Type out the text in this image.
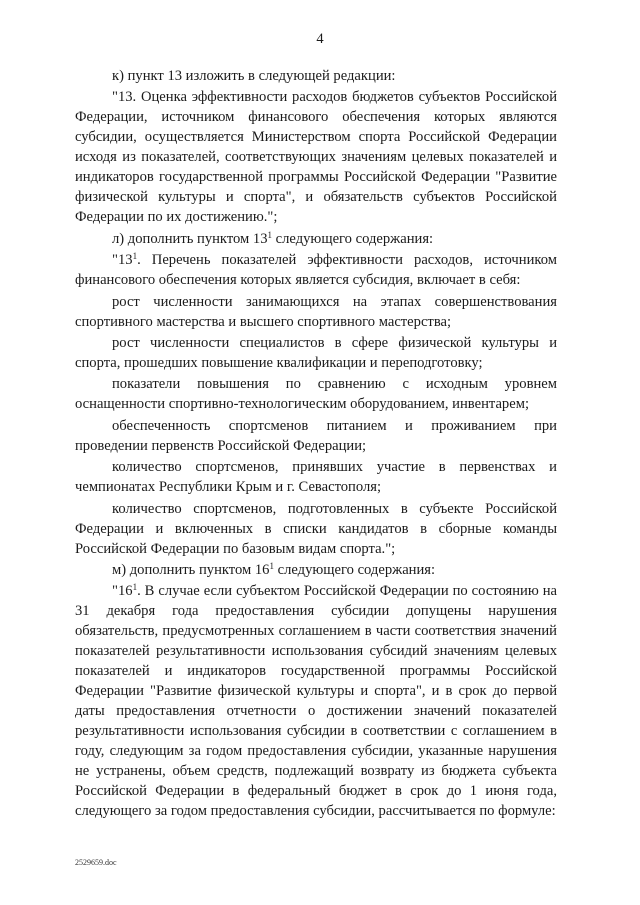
4

к) пункт 13 изложить в следующей редакции:

"13. Оценка эффективности расходов бюджетов субъектов Российской Федерации, источником финансового обеспечения которых являются субсидии, осуществляется Министерством спорта Российской Федерации исходя из показателей, соответствующих значениям целевых показателей и индикаторов государственной программы Российской Федерации "Развитие физической культуры и спорта", и обязательств субъектов Российской Федерации по их достижению.";

л) дополнить пунктом $13^1$ следующего содержания:

"$13^1$. Перечень показателей эффективности расходов, источником финансового обеспечения которых является субсидия, включает в себя:

рост численности занимающихся на этапах совершенствования спортивного мастерства и высшего спортивного мастерства;

рост численности специалистов в сфере физической культуры и спорта, прошедших повышение квалификации и переподготовку;

показатели повышения по сравнению с исходным уровнем оснащенности спортивно-технологическим оборудованием, инвентарем;

обеспеченность спортсменов питанием и проживанием при проведении первенств Российской Федерации;

количество спортсменов, принявших участие в первенствах и чемпионатах Республики Крым и г. Севастополя;

количество спортсменов, подготовленных в субъекте Российской Федерации и включенных в списки кандидатов в сборные команды Российской Федерации по базовым видам спорта.";

м) дополнить пунктом $16^1$ следующего содержания:

"$16^1$. В случае если субъектом Российской Федерации по состоянию на 31 декабря года предоставления субсидии допущены нарушения обязательств, предусмотренных соглашением в части соответствия значений показателей результативности использования субсидий значениям целевых показателей и индикаторов государственной программы Российской Федерации "Развитие физической культуры и спорта", и в срок до первой даты предоставления отчетности о достижении значений показателей результативности использования субсидии в соответствии с соглашением в году, следующим за годом предоставления субсидии, указанные нарушения не устранены, объем средств, подлежащий возврату из бюджета субъекта Российской Федерации в федеральный бюджет в срок до 1 июня года, следующего за годом предоставления субсидии, рассчитывается по формуле:

2529659.doc
